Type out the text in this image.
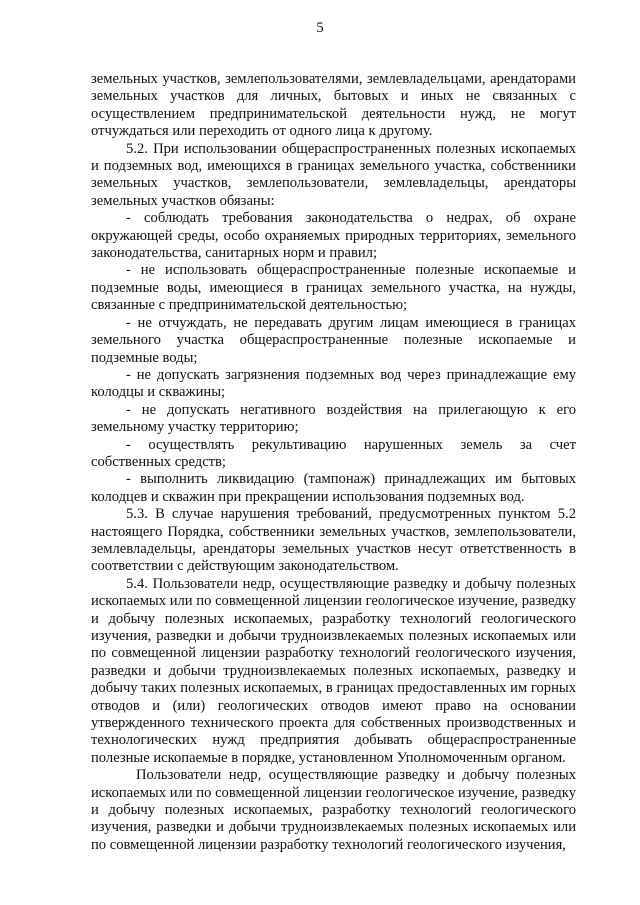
5

земельных участков, землепользователями, землевладельцами, арендаторами земельных участков для личных, бытовых и иных не связанных с осуществлением предпринимательской деятельности нужд, не могут отчуждаться или переходить от одного лица к другому.

5.2. При использовании общераспространенных полезных ископаемых и подземных вод, имеющихся в границах земельного участка, собственники земельных участков, землепользователи, землевладельцы, арендаторы земельных участков обязаны:

- соблюдать требования законодательства о недрах, об охране окружающей среды, особо охраняемых природных территориях, земельного законодательства, санитарных норм и правил;

- не использовать общераспространенные полезные ископаемые и подземные воды, имеющиеся в границах земельного участка, на нужды, связанные с предпринимательской деятельностью;

- не отчуждать, не передавать другим лицам имеющиеся в границах земельного участка общераспространенные полезные ископаемые и подземные воды;

- не допускать загрязнения подземных вод через принадлежащие ему колодцы и скважины;

- не допускать негативного воздействия на прилегающую к его земельному участку территорию;

- осуществлять рекультивацию нарушенных земель за счет собственных средств;

- выполнить ликвидацию (тампонаж) принадлежащих им бытовых колодцев и скважин при прекращении использования подземных вод.

5.3. В случае нарушения требований, предусмотренных пунктом 5.2 настоящего Порядка, собственники земельных участков, землепользователи, землевладельцы, арендаторы земельных участков несут ответственность в соответствии с действующим законодательством.

5.4. Пользователи недр, осуществляющие разведку и добычу полезных ископаемых или по совмещенной лицензии геологическое изучение, разведку и добычу полезных ископаемых, разработку технологий геологического изучения, разведки и добычи трудноизвлекаемых полезных ископаемых или по совмещенной лицензии разработку технологий геологического изучения, разведки и добычи трудноизвлекаемых полезных ископаемых, разведку и добычу таких полезных ископаемых, в границах предоставленных им горных отводов и (или) геологических отводов имеют право на основании утвержденного технического проекта для собственных производственных и технологических нужд предприятия добывать общераспространенные полезные ископаемые в порядке, установленном Уполномоченным органом.

Пользователи недр, осуществляющие разведку и добычу полезных ископаемых или по совмещенной лицензии геологическое изучение, разведку и добычу полезных ископаемых, разработку технологий геологического изучения, разведки и добычи трудноизвлекаемых полезных ископаемых или по совмещенной лицензии разработку технологий геологического изучения,
